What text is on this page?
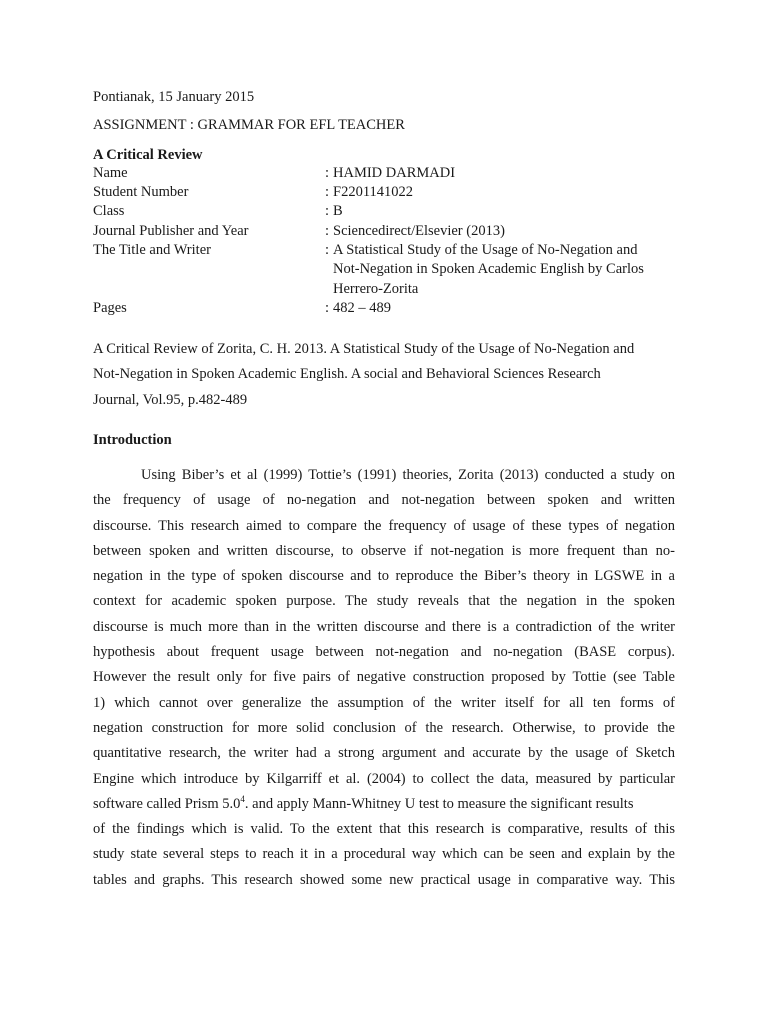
Pontianak, 15 January 2015
ASSIGNMENT : GRAMMAR FOR EFL TEACHER
A Critical Review
Name	: HAMID DARMADI
Student Number	: F2201141022
Class	: B
Journal Publisher and Year	: Sciencedirect/Elsevier (2013)
The Title and Writer	: A Statistical Study of the Usage of No-Negation and
Not-Negation in Spoken Academic English by Carlos
Herrero-Zorita
Pages	: 482 – 489
A Critical Review of Zorita, C. H. 2013. A Statistical Study of the Usage of No-Negation and
Not-Negation in Spoken Academic English. A social and Behavioral Sciences Research
Journal, Vol.95, p.482-489
Introduction
Using Biber’s et al (1999) Tottie’s (1991) theories, Zorita (2013) conducted a study on
the frequency of usage of no-negation and not-negation between spoken and written
discourse. This research aimed to compare the frequency of usage of these types of negation
between spoken and written discourse, to observe if not-negation is more frequent than no-
negation in the type of spoken discourse and to reproduce the Biber’s theory in LGSWE in a
context for academic spoken purpose. The study reveals that the negation in the spoken
discourse is much more than in the written discourse and there is a contradiction of the writer
hypothesis about frequent usage between not-negation and no-negation (BASE corpus).
However the result only for five pairs of negative construction proposed by Tottie (see Table
1) which cannot over generalize the assumption of the writer itself for all ten forms of
negation construction for more solid conclusion of the research. Otherwise, to provide the
quantitative research, the writer had a strong argument and accurate by the usage of Sketch
Engine which introduce by Kilgarriff et al. (2004) to collect the data, measured by particular
software called Prism $5.0^4$. and apply Mann-Whitney U test to measure the significant results
of the findings which is valid. To the extent that this research is comparative, results of this
study state several steps to reach it in a procedural way which can be seen and explain by the
tables and graphs. This research showed some new practical usage in comparative way. This
